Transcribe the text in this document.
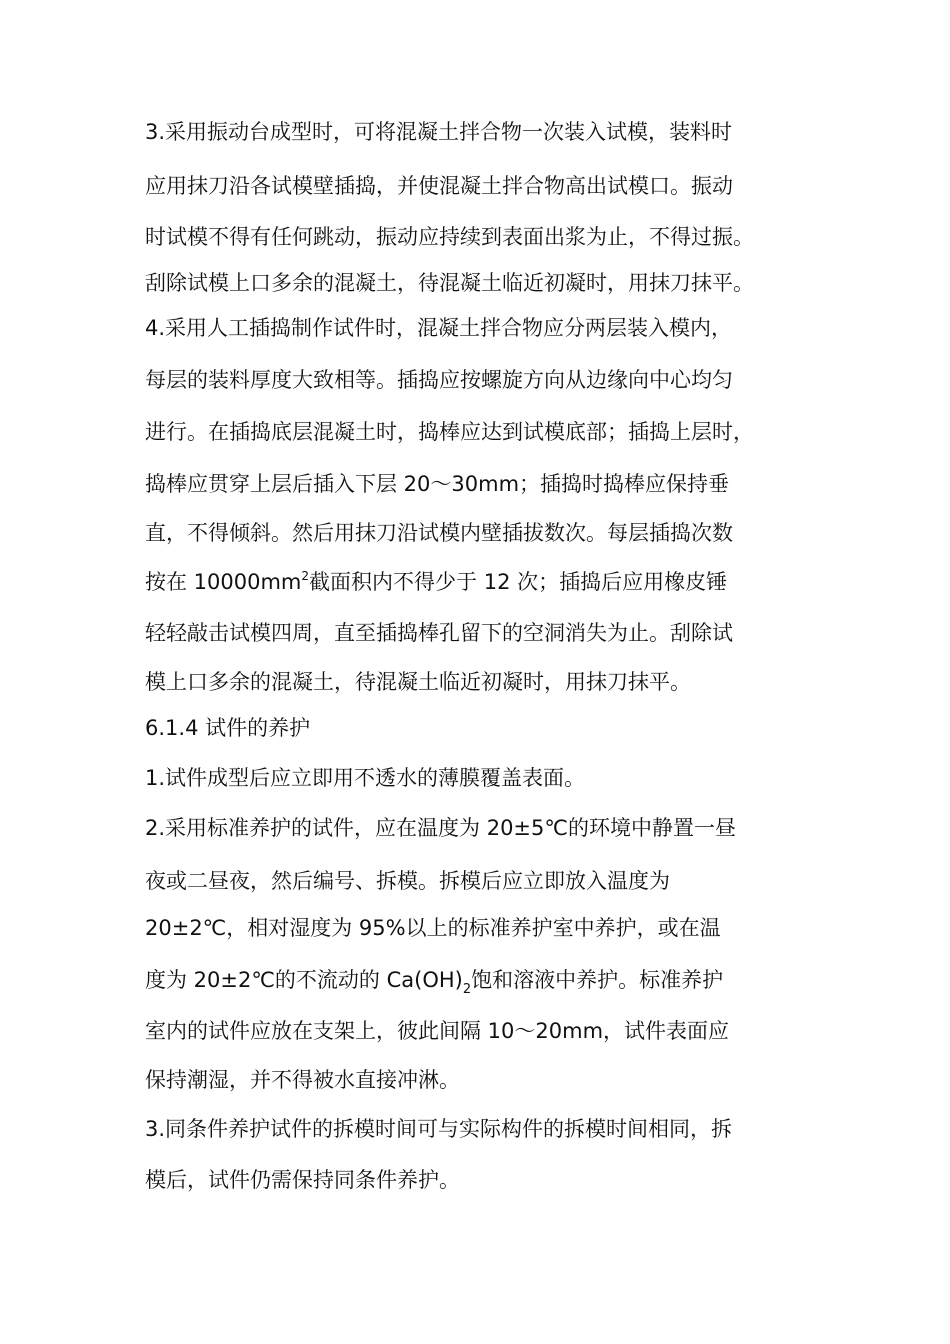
3.采用振动台成型时，可将混凝土拌合物一次装入试模，装料时
应用抹刀沿各试模壁插捣，并使混凝土拌合物高出试模口。振动
时试模不得有任何跳动，振动应持续到表面出浆为止，不得过振。
刮除试模上口多余的混凝土，待混凝土临近初凝时，用抹刀抹平。
4.采用人工插捣制作试件时，混凝土拌合物应分两层装入模内，
每层的装料厚度大致相等。插捣应按螺旋方向从边缘向中心均匀
进行。在插捣底层混凝土时，捣棒应达到试模底部；插捣上层时，
捣棒应贯穿上层后插入下层 20～30mm；插捣时捣棒应保持垂
直，不得倾斜。然后用抹刀沿试模内壁插拔数次。每层插捣次数
按在 $10000mm^2$截面积内不得少于 12 次；插捣后应用橡皮锤
轻轻敲击试模四周，直至插捣棒孔留下的空洞消失为止。刮除试
模上口多余的混凝土，待混凝土临近初凝时，用抹刀抹平。
6.1.4 试件的养护
1.试件成型后应立即用不透水的薄膜覆盖表面。
2.采用标准养护的试件，应在温度为 20±5℃的环境中静置一昼
夜或二昼夜，然后编号、拆模。拆模后应立即放入温度为
20±2℃，相对湿度为 95%以上的标准养护室中养护，或在温
度为 20±2℃的不流动的 $Ca(OH)_2$饱和溶液中养护。标准养护
室内的试件应放在支架上，彼此间隔 10～20mm，试件表面应
保持潮湿，并不得被水直接冲淋。
3.同条件养护试件的拆模时间可与实际构件的拆模时间相同，拆
模后，试件仍需保持同条件养护。
